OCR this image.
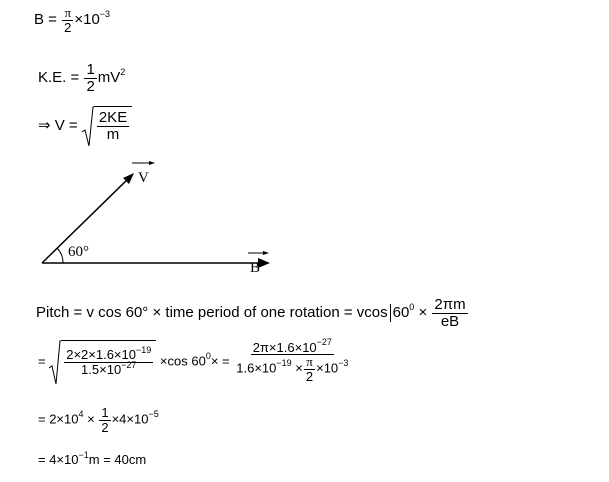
$B = \frac{\pi}{2} \times 10^{-3}$
K.E. = $\frac{1}{2} mV^2$
⇒ $V = \frac{2KE}{m}$
V
60°
B
Pitch = v cos 60° × time period of one rotation = vcos $60^0 \times \frac{2\pi m}{eB}$
= $\frac{2\times 2\times 1.6\times 10^{-19}}{1.5\times 10^{-27}} \times\cos$ $60^0\times = \frac{2\pi\times 1.6\times 10^{-27}}{1.6\times 10^{-19} \times \frac{\pi}{2} \times 10^{-3}}$
= $2\times 10^4 \times \frac{1}{2} \times 4\times 10^{-5}$
= $4\times 10^{-1}m = 40cm$
